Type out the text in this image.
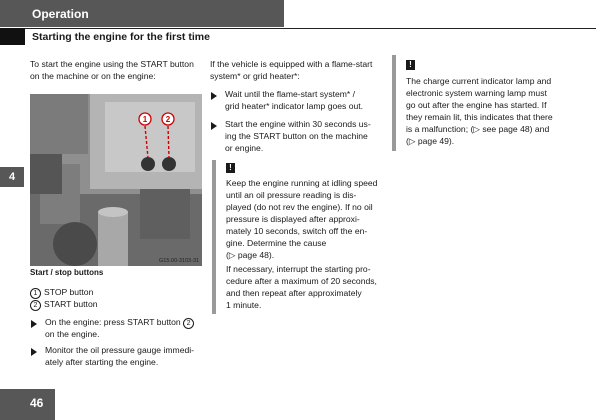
Operation
Starting the engine for the first time
4

To start the engine using the START button

on the machine or on the engine:

1 2
G15.00-3103-31
Start / stop buttons
1 STOP button
2 START button
On the engine: press START button 2
on the engine.
Monitor the oil pressure gauge immedi-
ately after starting the engine.

If the vehicle is equipped with a flame-start

system* or grid heater*:

Wait until the flame-start system* /
grid heater* indicator lamp goes out.
Start the engine within 30 seconds us-
ing the START button on the machine
or engine.
!
Keep the engine running at idling speed
until an oil pressure reading is dis-
played (do not rev the engine). If no oil
pressure is displayed after approxi-
mately 10 seconds, switch off the en-
gine. Determine the cause
(▷ page 48).
If necessary, interrupt the starting pro-
cedure after a maximum of 20 seconds,
and then repeat after approximately
1 minute.
!
The charge current indicator lamp and
electronic system warning lamp must
go out after the engine has started. If
they remain lit, this indicates that there
is a malfunction; (▷ see page 48) and
(▷ page 49).
46
